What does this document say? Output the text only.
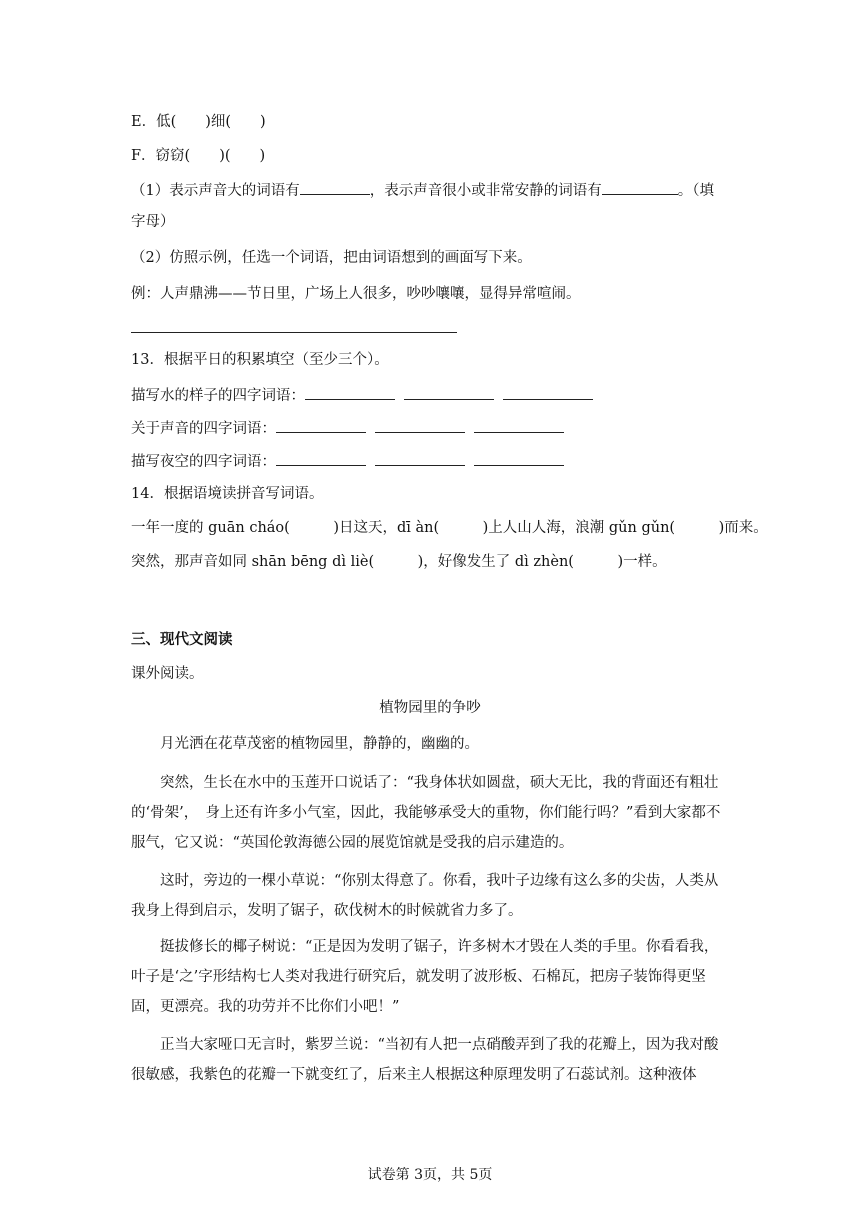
E．低(　　)细(　　)
F．窃窃(　　)(　　)
（1）表示声音大的词语有	，表示声音很小或非常安静的词语有	。（填
字母）
（2）仿照示例，任选一个词语，把由词语想到的画面写下来。
例：人声鼎沸——节日里，广场上人很多，吵吵嚷嚷，显得异常喧闹。
13．根据平日的积累填空（至少三个）。
描写水的样子的四字词语：
关于声音的四字词语：
描写夜空的四字词语：
14．根据语境读拼音写词语。
一年一度的 guān cháo(　　　)日这天，dī àn(　　　)上人山人海，浪潮 gǔn gǔn(　　　)而来。
突然，那声音如同 shān bēng dì liè(　　　)，好像发生了 dì zhèn(　　　)一样。
三、现代文阅读
课外阅读。
植物园里的争吵
月光洒在花草茂密的植物园里，静静的，幽幽的。
突然，生长在水中的玉莲开口说话了：“我身体状如圆盘，硕大无比，我的背面还有粗壮的‘骨架’，　身上还有许多小气室，因此，我能够承受大的重物，你们能行吗？”看到大家都不服气，它又说：“英国伦敦海德公园的展览馆就是受我的启示建造的。
这时，旁边的一棵小草说：“你别太得意了。你看，我叶子边缘有这么多的尖齿，人类从我身上得到启示，发明了锯子，砍伐树木的时候就省力多了。
挺拔修长的椰子树说：“正是因为发明了锯子，许多树木才毁在人类的手里。你看看我，叶子是‘之’字形结构七人类对我进行研究后，就发明了波形板、石棉瓦，把房子装饰得更坚固，更漂亮。我的功劳并不比你们小吧！”
正当大家哑口无言时，紫罗兰说：“当初有人把一点硝酸弄到了我的花瓣上，因为我对酸很敏感，我紫色的花瓣一下就变红了，后来主人根据这种原理发明了石蕊试剂。这种液体
试卷第 3页，共 5页
